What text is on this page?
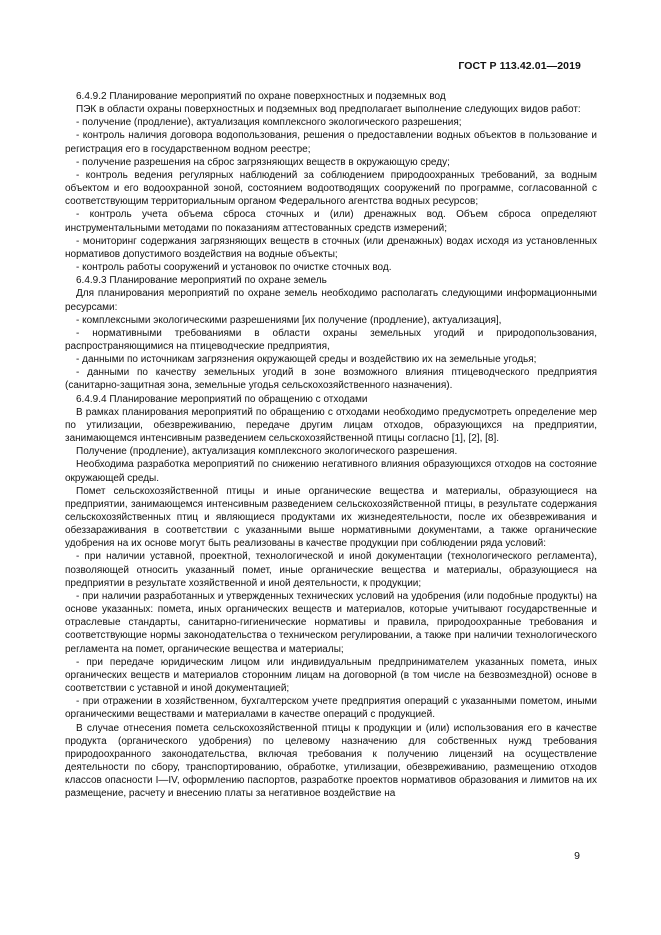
ГОСТ Р 113.42.01—2019

6.4.9.2 Планирование мероприятий по охране поверхностных и подземных вод

ПЭК в области охраны поверхностных и подземных вод предполагает выполнение следующих видов работ:

- получение (продление), актуализация комплексного экологического разрешения;

- контроль наличия договора водопользования, решения о предоставлении водных объектов в пользование и регистрация его в государственном водном реестре;

- получение разрешения на сброс загрязняющих веществ в окружающую среду;

- контроль ведения регулярных наблюдений за соблюдением природоохранных требований, за водным объектом и его водоохранной зоной, состоянием водоотводящих сооружений по программе, согласованной с соответствующим территориальным органом Федерального агентства водных ресурсов;

- контроль учета объема сброса сточных и (или) дренажных вод. Объем сброса определяют инструментальными методами по показаниям аттестованных средств измерений;

- мониторинг содержания загрязняющих веществ в сточных (или дренажных) водах исходя из установленных нормативов допустимого воздействия на водные объекты;

- контроль работы сооружений и установок по очистке сточных вод.

6.4.9.3 Планирование мероприятий по охране земель

Для планирования мероприятий по охране земель необходимо располагать следующими информационными ресурсами:

- комплексными экологическими разрешениями [их получение (продление), актуализация],

- нормативными требованиями в области охраны земельных угодий и природопользования, распространяющимися на птицеводческие предприятия,

- данными по источникам загрязнения окружающей среды и воздействию их на земельные угодья;

- данными по качеству земельных угодий в зоне возможного влияния птицеводческого предприятия (санитарно-защитная зона, земельные угодья сельскохозяйственного назначения).

6.4.9.4 Планирование мероприятий по обращению с отходами

В рамках планирования мероприятий по обращению с отходами необходимо предусмотреть определение мер по утилизации, обезвреживанию, передаче другим лицам отходов, образующихся на предприятии, занимающемся интенсивным разведением сельскохозяйственной птицы согласно [1], [2], [8].

Получение (продление), актуализация комплексного экологического разрешения.

Необходима разработка мероприятий по снижению негативного влияния образующихся отходов на состояние окружающей среды.

Помет сельскохозяйственной птицы и иные органические вещества и материалы, образующиеся на предприятии, занимающемся интенсивным разведением сельскохозяйственной птицы, в результате содержания сельскохозяйственных птиц и являющиеся продуктами их жизнедеятельности, после их обезвреживания и обеззараживания в соответствии с указанными выше нормативными документами, а также органические удобрения на их основе могут быть реализованы в качестве продукции при соблюдении ряда условий:

- при наличии уставной, проектной, технологической и иной документации (технологического регламента), позволяющей относить указанный помет, иные органические вещества и материалы, образующиеся на предприятии в результате хозяйственной и иной деятельности, к продукции;

- при наличии разработанных и утвержденных технических условий на удобрения (или подобные продукты) на основе указанных: помета, иных органических веществ и материалов, которые учитывают государственные и отраслевые стандарты, санитарно-гигиенические нормативы и правила, природоохранные требования и соответствующие нормы законодательства о техническом регулировании, а также при наличии технологического регламента на помет, органические вещества и материалы;

- при передаче юридическим лицом или индивидуальным предпринимателем указанных помета, иных органических веществ и материалов сторонним лицам на договорной (в том числе на безвозмездной) основе в соответствии с уставной и иной документацией;

- при отражении в хозяйственном, бухгалтерском учете предприятия операций с указанными пометом, иными органическими веществами и материалами в качестве операций с продукцией.

В случае отнесения помета сельскохозяйственной птицы к продукции и (или) использования его в качестве продукта (органического удобрения) по целевому назначению для собственных нужд требования природоохранного законодательства, включая требования к получению лицензий на осуществление деятельности по сбору, транспортированию, обработке, утилизации, обезвреживанию, размещению отходов классов опасности I—IV, оформлению паспортов, разработке проектов нормативов образования и лимитов на их размещение, расчету и внесению платы за негативное воздействие на

9
